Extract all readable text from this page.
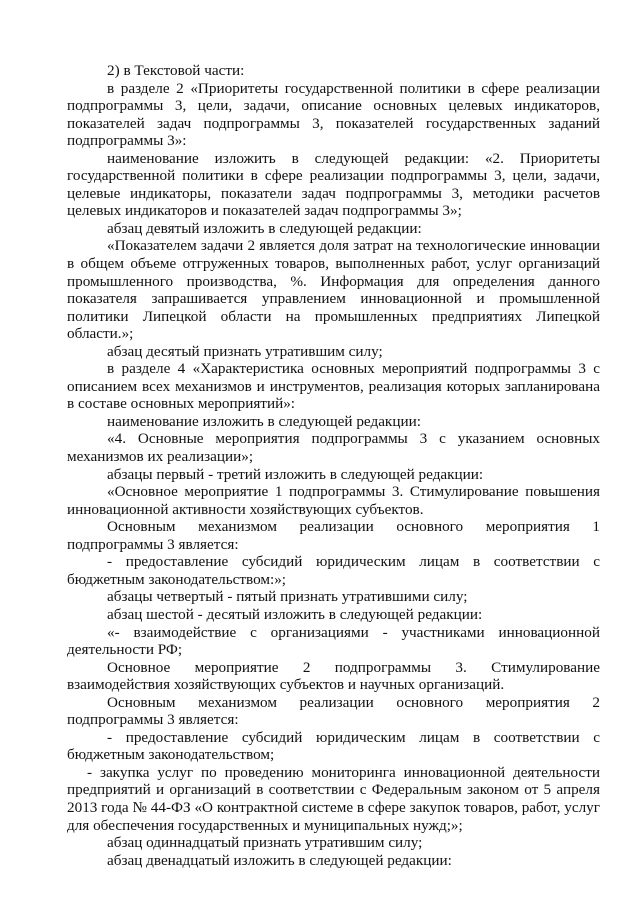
2) в Текстовой части:

в разделе 2 «Приоритеты государственной политики в сфере реализации подпрограммы 3, цели, задачи, описание основных целевых индикаторов, показателей задач подпрограммы 3, показателей государственных заданий подпрограммы 3»:

наименование изложить в следующей редакции: «2. Приоритеты государственной политики в сфере реализации подпрограммы 3, цели, задачи, целевые индикаторы, показатели задач подпрограммы 3, методики расчетов целевых индикаторов и показателей задач подпрограммы 3»;

абзац девятый изложить в следующей редакции:

«Показателем задачи 2 является доля затрат на технологические инновации в общем объеме отгруженных товаров, выполненных работ, услуг организаций промышленного производства, %. Информация для определения данного показателя запрашивается управлением инновационной и промышленной политики Липецкой области на промышленных предприятиях Липецкой области.»;

абзац десятый признать утратившим силу;

в разделе 4 «Характеристика основных мероприятий подпрограммы 3 с описанием всех механизмов и инструментов, реализация которых запланирована в составе основных мероприятий»:

наименование изложить в следующей редакции:

«4. Основные мероприятия подпрограммы 3 с указанием основных механизмов их реализации»;

абзацы первый - третий изложить в следующей редакции:

«Основное мероприятие 1 подпрограммы 3. Стимулирование повышения инновационной активности хозяйствующих субъектов.

Основным механизмом реализации основного мероприятия 1 подпрограммы 3 является:

- предоставление субсидий юридическим лицам в соответствии с бюджетным законодательством:»;

абзацы четвертый - пятый признать утратившими силу;

абзац шестой - десятый изложить в следующей редакции:

«- взаимодействие с организациями - участниками инновационной деятельности РФ;

Основное мероприятие 2 подпрограммы 3. Стимулирование взаимодействия хозяйствующих субъектов и научных организаций.

Основным механизмом реализации основного мероприятия 2 подпрограммы 3 является:

- предоставление субсидий юридическим лицам в соответствии с бюджетным законодательством;

- закупка услуг по проведению мониторинга инновационной деятельности предприятий и организаций в соответствии с Федеральным законом от 5 апреля 2013 года № 44-ФЗ «О контрактной системе в сфере закупок товаров, работ, услуг для обеспечения государственных и муниципальных нужд;»;

абзац одиннадцатый признать утратившим силу;

абзац двенадцатый изложить в следующей редакции:
